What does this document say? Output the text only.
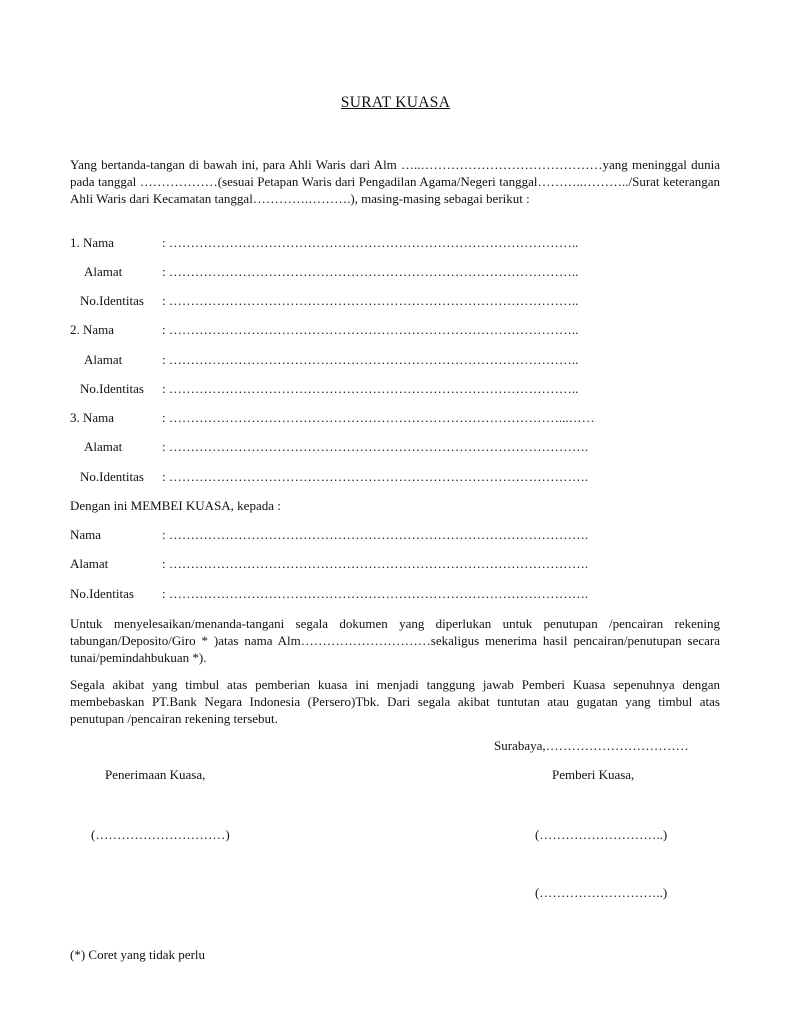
SURAT KUASA

Yang bertanda-tangan di bawah ini, para Ahli Waris dari Alm …..……………………………………yang meninggal dunia pada tanggal ………………(sesuai Petapan Waris dari Pengadilan Agama/Negeri tanggal………..………../Surat keterangan Ahli Waris dari Kecamatan tanggal………….……….), masing-masing sebagai berikut :

1. Nama	: …………………………………………………………………………………..
Alamat	: …………………………………………………………………………………..
No.Identitas : …………………………………………………………………………………..
2. Nama	: …………………………………………………………………………………..
Alamat	: …………………………………………………………………………………..
No.Identitas : …………………………………………………………………………………..
3. Nama	: ………………………………………………………………………………...……
Alamat	: …………………………………………………………………………………….
No.Identitas : …………………………………………………………………………………….
Dengan ini MEMBEI KUASA, kepada :
Nama	: …………………………………………………………………………………….
Alamat	: …………………………………………………………………………………….
No.Identitas : …………………………………………………………………………………….

Untuk menyelesaikan/menanda-tangani segala dokumen yang diperlukan untuk penutupan /pencairan rekening tabungan/Deposito/Giro * )atas nama Alm…………………………sekaligus menerima hasil pencairan/penutupan secara tunai/pemindahbukuan *).

Segala akibat yang timbul atas pemberian kuasa ini menjadi tanggung jawab Pemberi Kuasa sepenuhnya dengan membebaskan PT.Bank Negara Indonesia (Persero)Tbk. Dari segala akibat tuntutan atau gugatan yang timbul atas penutupan /pencairan rekening tersebut.

Surabaya,……………………………
Penerimaan Kuasa,	Pemberi Kuasa,
(…………………………)	(………………………..)
(………………………..)
(*) Coret yang tidak perlu
